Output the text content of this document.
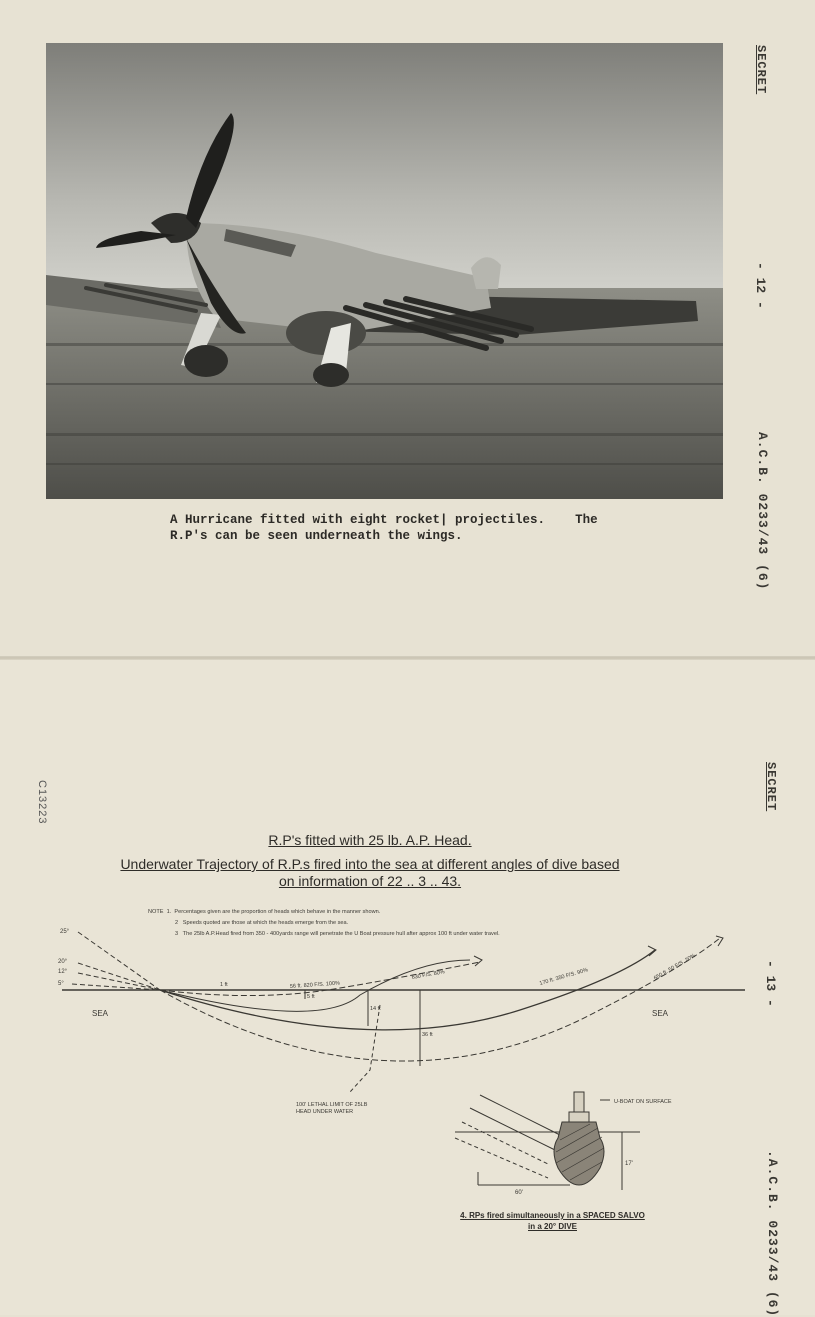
A Hurricane fitted with eight rocket| projectiles.    The
R.P's can be seen underneath the wings.
SECRET
- 12 -
A.C.B. 0233/43 (6)
C13223	SECRET
- 13 -
.A.C.B. 0233/43 (6)
R.P's fitted with 25 lb. A.P. Head.
Underwater Trajectory of R.P.s fired into the sea at different angles of dive based
on information of 22 .. 3 .. 43.
NOTE  1.  Percentages given are the proportion of heads which behave in the manner shown.
2   Speeds quoted are those at which the heads emerge from the sea.
3   The 25lb A.P.Head fired from 350 - 400yards range will penetrate the U Boat pressure hull after approx 100 ft under water travel.
25°
20°
12°
5°
SEA	SEA
1 ft
5 ft
14 ft
36 ft
56 ft. 820 F/S. 100%
630 F/S. 80%	170 ft. 350 F/S. 90%	650 ft. 50 F/S. 20%
100' LETHAL LIMIT OF 25LB
HEAD UNDER WATER
U-BOAT ON SURFACE
17'
60'
4. RPs fired simultaneously in a SPACED SALVO
in a 20° DIVE
